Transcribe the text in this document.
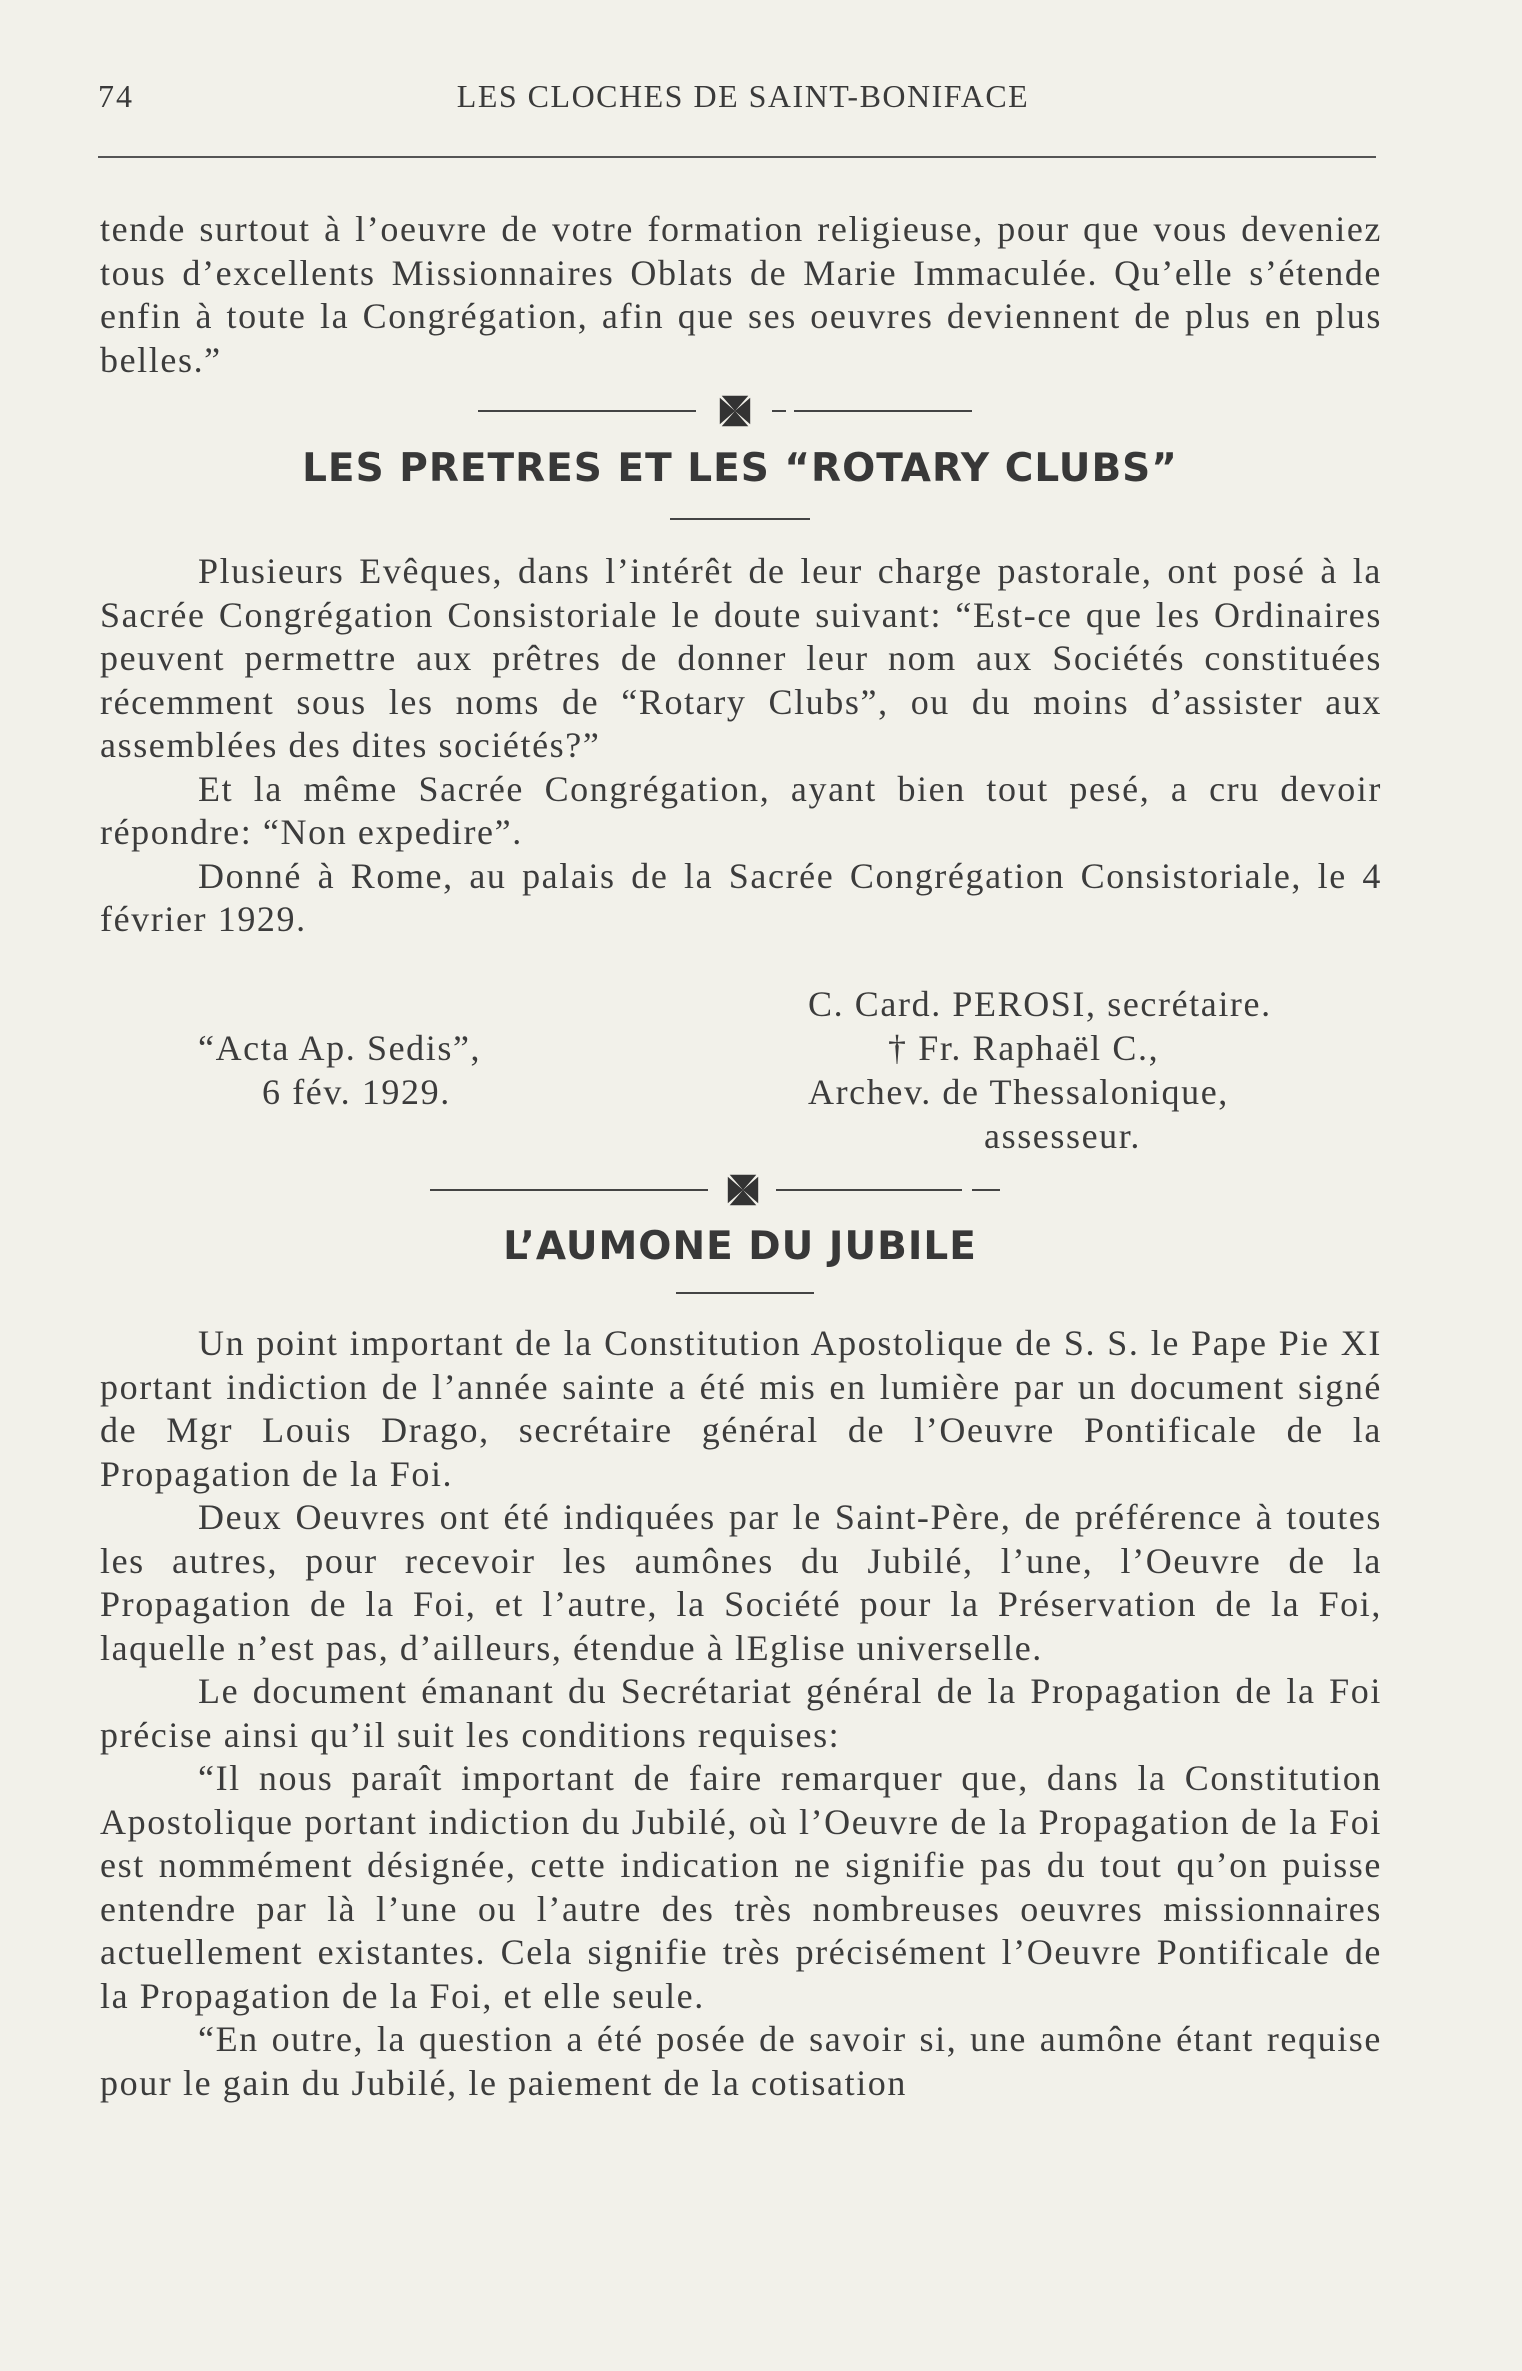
74	LES CLOCHES DE SAINT-BONIFACE

tende surtout à l’oeuvre de votre formation religieuse, pour que vous deveniez tous d’excellents Missionnaires Oblats de Marie Immaculée. Qu’elle s’étende enfin à toute la Congrégation, afin que ses oeuvres deviennent de plus en plus belles.”

LES PRETRES ET LES “ROTARY CLUBS”

Plusieurs Evêques, dans l’intérêt de leur charge pastorale, ont posé à la Sacrée Congrégation Consistoriale le doute suivant: “Est-ce que les Ordinaires peuvent permettre aux prêtres de donner leur nom aux Sociétés constituées récemment sous les noms de “Rotary Clubs”, ou du moins d’assister aux assemblées des dites sociétés?”

Et la même Sacrée Congrégation, ayant bien tout pesé, a cru devoir répondre: “Non expedire”.

Donné à Rome, au palais de la Sacrée Congrégation Consistoriale, le 4 février 1929.

C. Card. PEROSI, secrétaire.
“Acta Ap. Sedis”,
6 fév. 1929.
† Fr. Raphaël C.,
Archev. de Thessalonique,
assesseur.
L’AUMONE DU JUBILE

Un point important de la Constitution Apostolique de S. S. le Pape Pie XI portant indiction de l’année sainte a été mis en lumière par un document signé de Mgr Louis Drago, secrétaire général de l’Oeuvre Pontificale de la Propagation de la Foi.

Deux Oeuvres ont été indiquées par le Saint-Père, de préférence à toutes les autres, pour recevoir les aumônes du Jubilé, l’une, l’Oeuvre de la Propagation de la Foi, et l’autre, la Société pour la Préservation de la Foi, laquelle n’est pas, d’ailleurs, étendue à lEglise universelle.

Le document émanant du Secrétariat général de la Propagation de la Foi précise ainsi qu’il suit les conditions requises:

“Il nous paraît important de faire remarquer que, dans la Constitution Apostolique portant indiction du Jubilé, où l’Oeuvre de la Propagation de la Foi est nommément désignée, cette indication ne signifie pas du tout qu’on puisse entendre par là l’une ou l’autre des très nombreuses oeuvres missionnaires actuellement existantes. Cela signifie très précisément l’Oeuvre Pontificale de la Propagation de la Foi, et elle seule.

“En outre, la question a été posée de savoir si, une aumône étant requise pour le gain du Jubilé, le paiement de la cotisation
